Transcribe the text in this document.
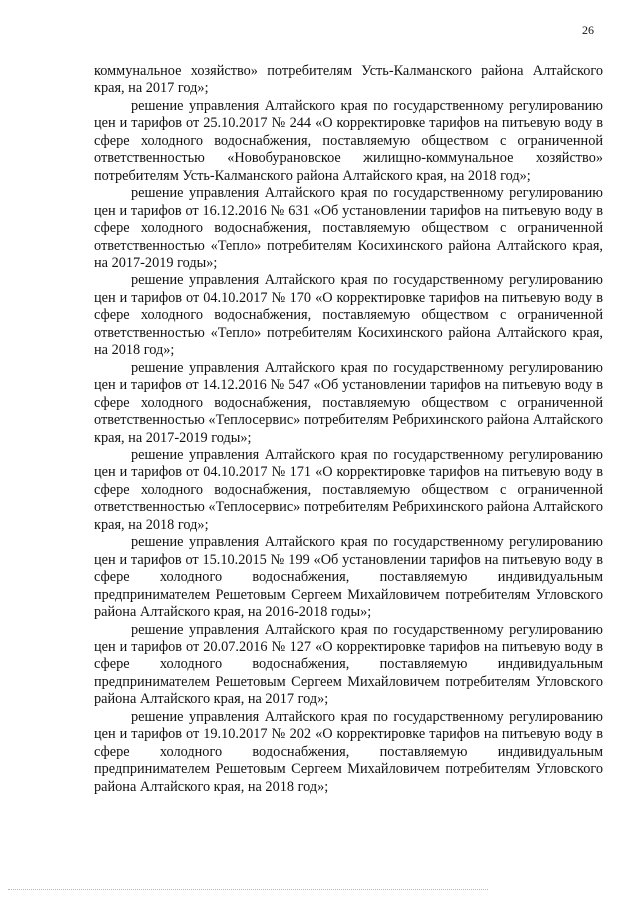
26

коммунальное хозяйство» потребителям Усть-Калманского района Алтайского края, на 2017 год»;

решение управления Алтайского края по государственному регулированию цен и тарифов от 25.10.2017 № 244 «О корректировке тарифов на питьевую воду в сфере холодного водоснабжения, поставляемую обществом с ограниченной ответственностью «Новобурановское жилищно-коммунальное хозяйство» потребителям Усть-Калманского района Алтайского края, на 2018 год»;

решение управления Алтайского края по государственному регулированию цен и тарифов от 16.12.2016 № 631 «Об установлении тарифов на питьевую воду в сфере холодного водоснабжения, поставляемую обществом с ограниченной ответственностью «Тепло» потребителям Косихинского района Алтайского края, на 2017-2019 годы»;

решение управления Алтайского края по государственному регулированию цен и тарифов от 04.10.2017 № 170 «О корректировке тарифов на питьевую воду в сфере холодного водоснабжения, поставляемую обществом с ограниченной ответственностью «Тепло» потребителям Косихинского района Алтайского края, на 2018 год»;

решение управления Алтайского края по государственному регулированию цен и тарифов от 14.12.2016 № 547 «Об установлении тарифов на питьевую воду в сфере холодного водоснабжения, поставляемую обществом с ограниченной ответственностью «Теплосервис» потребителям Ребрихинского района Алтайского края, на 2017-2019 годы»;

решение управления Алтайского края по государственному регулированию цен и тарифов от 04.10.2017 № 171 «О корректировке тарифов на питьевую воду в сфере холодного водоснабжения, поставляемую обществом с ограниченной ответственностью «Теплосервис» потребителям Ребрихинского района Алтайского края, на 2018 год»;

решение управления Алтайского края по государственному регулированию цен и тарифов от 15.10.2015 № 199 «Об установлении тарифов на питьевую воду в сфере холодного водоснабжения, поставляемую индивидуальным предпринимателем Решетовым Сергеем Михайловичем потребителям Угловского района Алтайского края, на 2016-2018 годы»;

решение управления Алтайского края по государственному регулированию цен и тарифов от 20.07.2016 № 127 «О корректировке тарифов на питьевую воду в сфере холодного водоснабжения, поставляемую индивидуальным предпринимателем Решетовым Сергеем Михайловичем потребителям Угловского района Алтайского края, на 2017 год»;

решение управления Алтайского края по государственному регулированию цен и тарифов от 19.10.2017 № 202 «О корректировке тарифов на питьевую воду в сфере холодного водоснабжения, поставляемую индивидуальным предпринимателем Решетовым Сергеем Михайловичем потребителям Угловского района Алтайского края, на 2018 год»;
